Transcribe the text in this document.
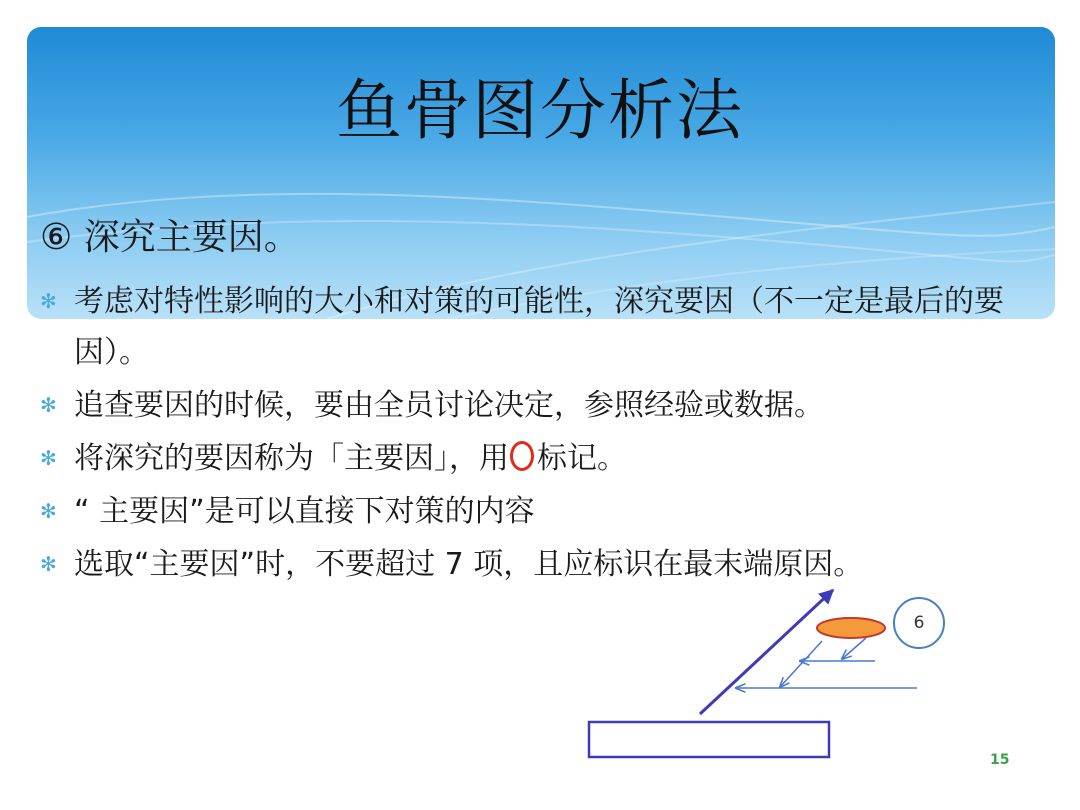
鱼骨图分析法
⑥ 深究主要因。
✻ 考虑对特性影响的大小和对策的可能性，深究要因（不一定是最后的要因）。
✻ 追查要因的时候，要由全员讨论决定，参照经验或数据。
✻ 将深究的要因称为「主要因」，用 标记。
✻ “ 主要因”是可以直接下对策的内容
✻ 选取“主要因”时，不要超过 7 项，且应标识在最末端原因。
6
15
